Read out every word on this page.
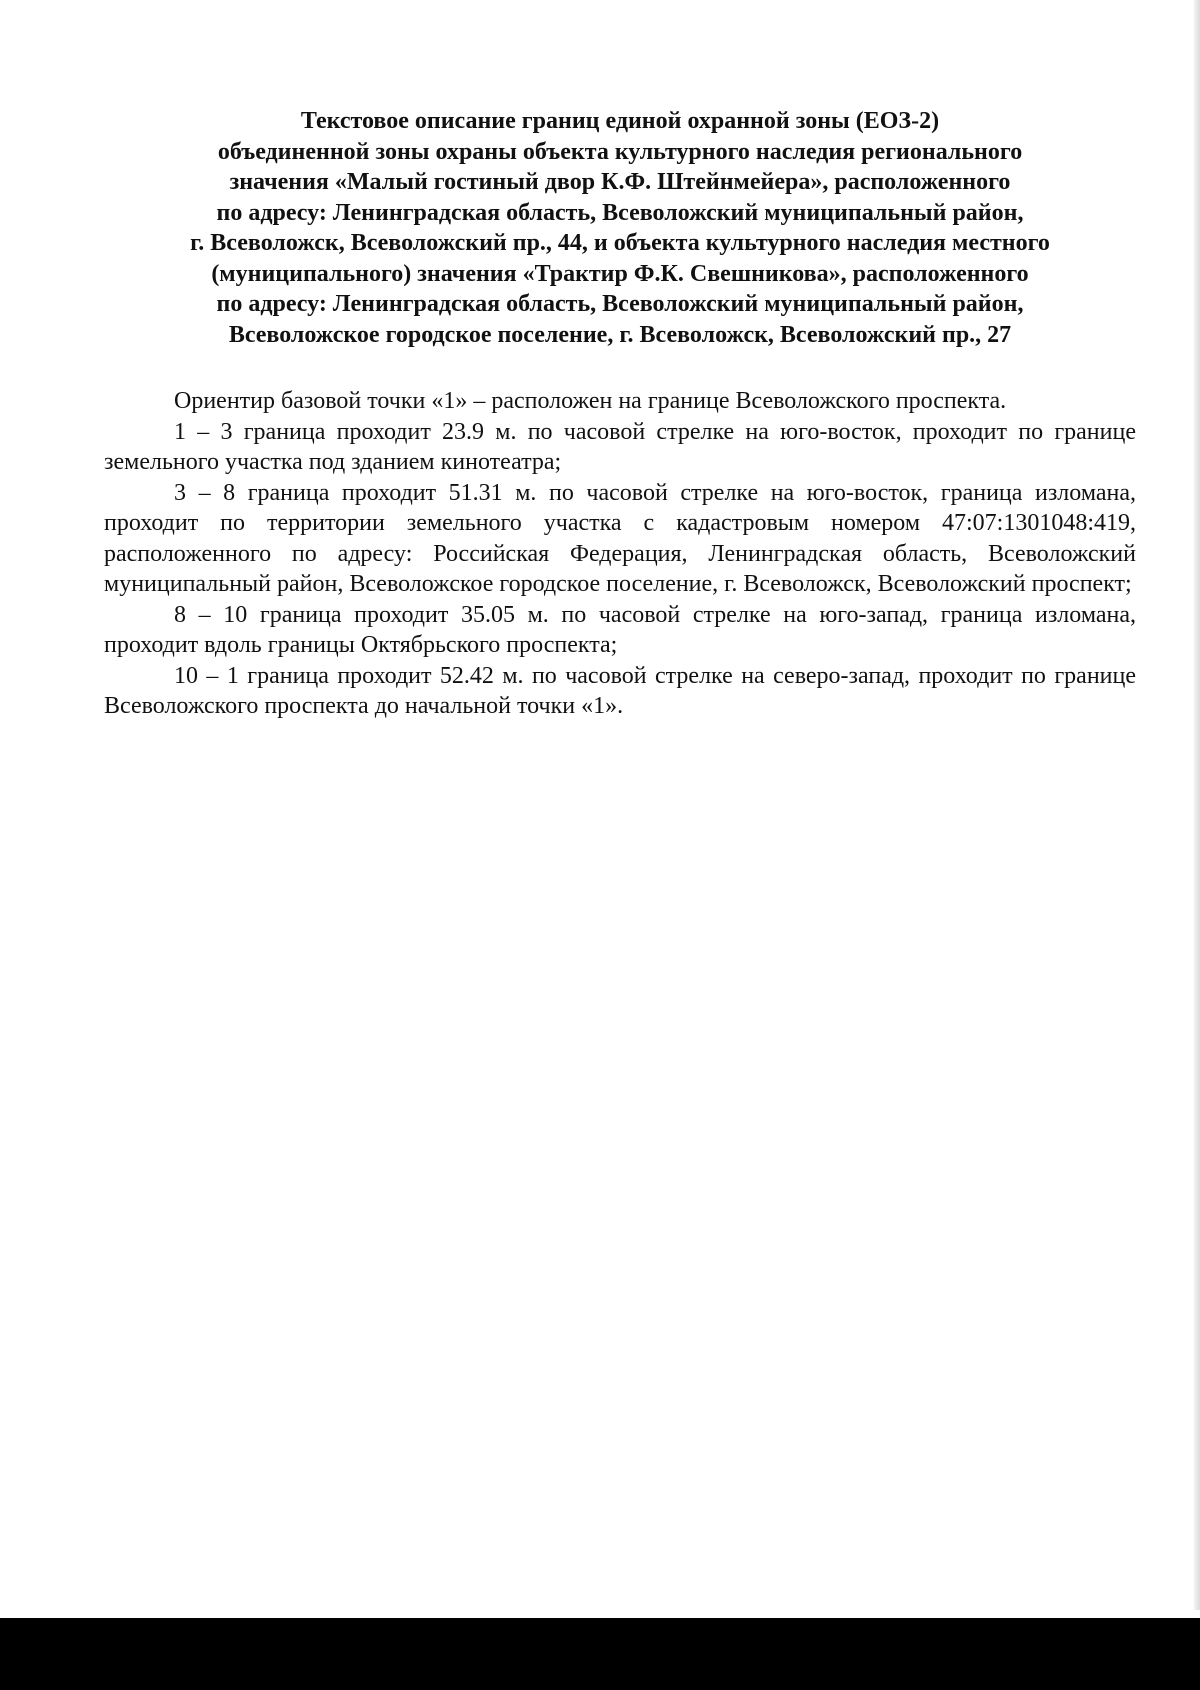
Текстовое описание границ единой охранной зоны (ЕОЗ-2)
объединенной зоны охраны объекта культурного наследия регионального
значения «Малый гостиный двор К.Ф. Штейнмейера», расположенного
по адресу: Ленинградская область, Всеволожский муниципальный район,
г. Всеволожск, Всеволожский пр., 44, и объекта культурного наследия местного
(муниципального) значения «Трактир Ф.К. Свешникова», расположенного
по адресу: Ленинградская область, Всеволожский муниципальный район,
Всеволожское городское поселение, г. Всеволожск, Всеволожский пр., 27

Ориентир базовой точки «1» – расположен на границе Всеволожского проспекта.

1 – 3 граница проходит 23.9 м. по часовой стрелке на юго-восток, проходит по границе земельного участка под зданием кинотеатра;

3 – 8 граница проходит 51.31 м. по часовой стрелке на юго-восток, граница изломана, проходит по территории земельного участка с кадастровым номером 47:07:1301048:419, расположенного по адресу: Российская Федерация, Ленинградская область, Всеволожский муниципальный район, Всеволожское городское поселение, г. Всеволожск, Всеволожский проспект;

8 – 10 граница проходит 35.05 м. по часовой стрелке на юго-запад, граница изломана, проходит вдоль границы Октябрьского проспекта;

10 – 1 граница проходит 52.42 м. по часовой стрелке на северо-запад, проходит по границе Всеволожского проспекта до начальной точки «1».
